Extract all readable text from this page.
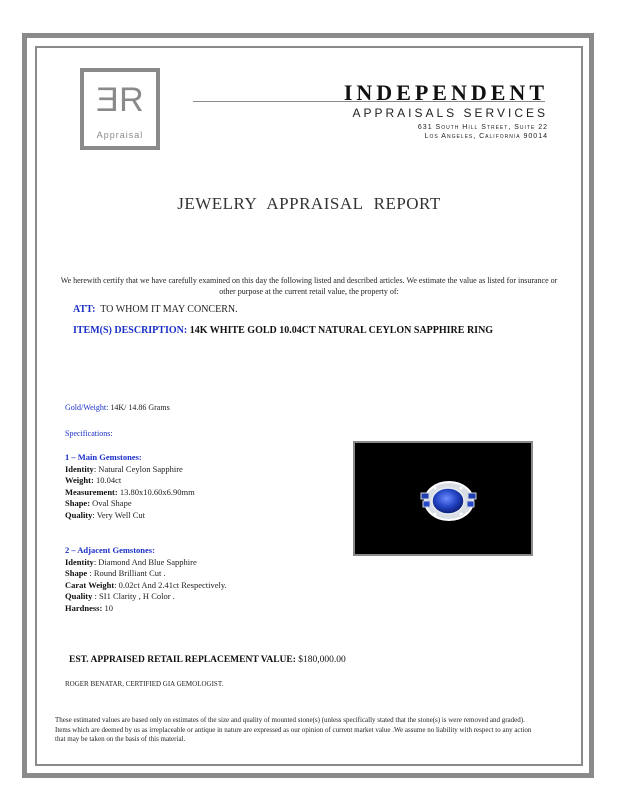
ER
Appraisal
INDEPENDENT
APPRAISALS SERVICES
631 South Hill Street, Suite 22
Los Angeles, California 90014
JEWELRY APPRAISAL REPORT
We herewith certify that we have carefully examined on this day the following listed and described articles. We estimate the value as listed for insurance or other purpose at the current retail value, the property of:
ATT: TO WHOM IT MAY CONCERN.
ITEM(S) DESCRIPTION: 14K WHITE GOLD 10.04CT NATURAL CEYLON SAPPHIRE RING
Gold/Weight: 14K/ 14.86 Grams
Specifications:
1 – Main Gemstones:
Identity: Natural Ceylon Sapphire
Weight: 10.04ct
Measurement: 13.80x10.60x6.90mm
Shape: Oval Shape
Quality: Very Well Cut
2 – Adjacent Gemstones:
Identity: Diamond And Blue Sapphire
Shape : Round Brilliant Cut .
Carat Weight: 0.02ct And 2.41ct Respectively.
Quality : SI1 Clarity , H Color .
Hardness: 10
EST. APPRAISED RETAIL REPLACEMENT VALUE: $180,000.00
ROGER BENATAR, CERTIFIED GIA GEMOLOGIST.
These estimated values are based only on estimates of the size and quality of mounted stone(s) (unless specifically stated that the stone(s) is were removed and graded). Items which are deemed by us as irreplaceable or antique in nature are expressed as our opinion of current market value .We assume no liability with respect to any action that may be taken on the basis of this material.
